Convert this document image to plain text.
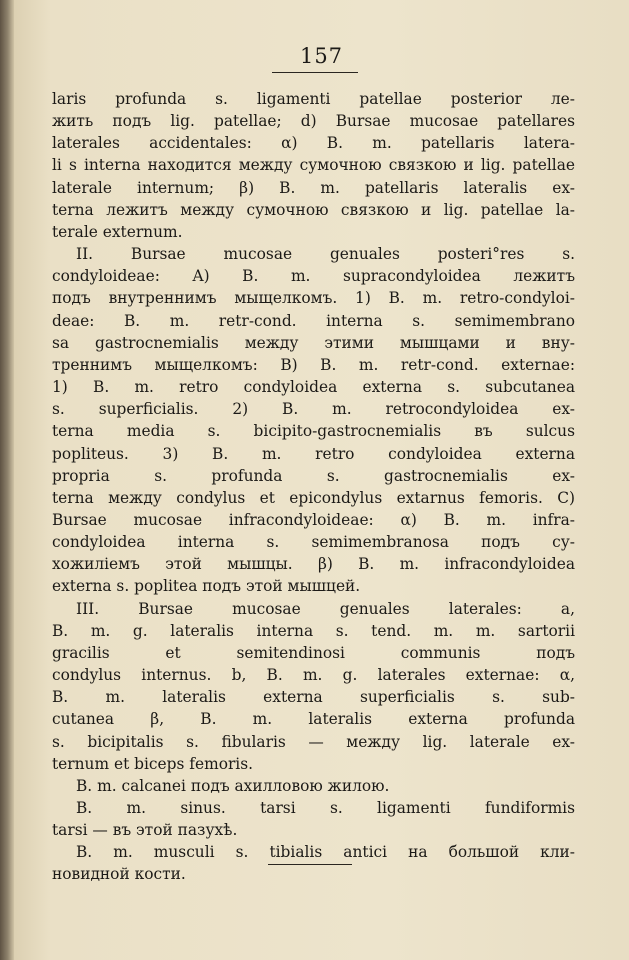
157
laris profunda s. ligamenti patellae posterior ле-
жить подъ lig. patellae; d) Bursae mucosae patellares
laterales accidentales: α) B. m. patellaris latera-
li s interna находится между сумочною связкою и lig. patellae
laterale internum; β) B. m. patellaris lateralis ex-
terna лежитъ между сумочною связкою и lig. patellae la-
terale externum.
II. Bursae mucosae genuales posteri°res s.
condyloideae: A) B. m. supracondyloidea лежитъ
подъ внутреннимъ мыщелкомъ. 1) B. m. retro-condyloi-
deae: B. m. retr-cond. interna s. semimembrano
sa gastrocnemialis между этими мышцами и вну-
треннимъ мыщелкомъ: B) B. m. retr-cond. externae:
1) B. m. retro condyloidea externa s. subcutanea
s. superficialis. 2) B. m. retrocondyloidea ex-
terna media s. bicipito-gastrocnemialis въ sulcus
popliteus. 3) B. m. retro condyloidea externa
propria s. profunda s. gastrocnemialis ex-
terna между condylus et epicondylus extarnus femoris. C)
Bursae mucosae infracondyloideae: α) B. m. infra-
condyloidea interna s. semimembranosa подъ су-
хожилiемъ этой мышцы. β) B. m. infracondyloidea
externa s. poplitea подъ этой мышцей.
III. Bursae mucosae genuales laterales: a,
B. m. g. lateralis interna s. tend. m. m. sartorii
gracilis et semitendinosi communis подъ
condylus internus. b, B. m. g. laterales externae: α,
B. m. lateralis externa superficialis s. sub-
cutanea β, B. m. lateralis externa profunda
s. bicipitalis s. fibularis — между lig. laterale ex-
ternum et biceps femoris.
B. m. calcanei подъ ахилловою жилою.
B. m. sinus. tarsi s. ligamenti fundiformis
tarsi — въ этой пазухѣ.
B. m. musculi s. tibialis antici на большой кли-
новидной кости.
